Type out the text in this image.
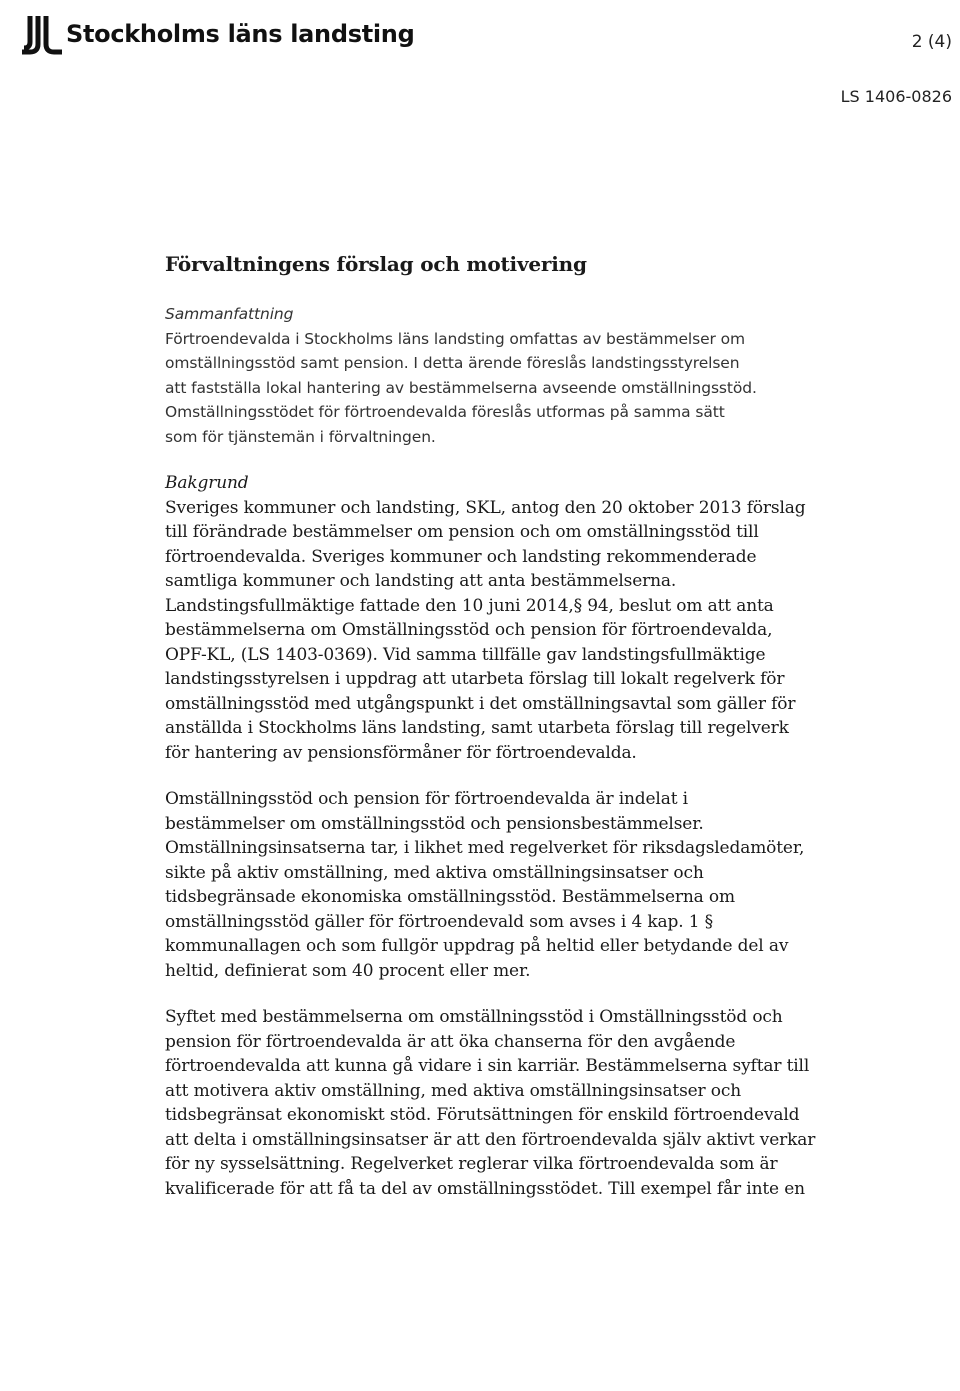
Stockholms läns landsting	2 (4)
LS 1406-0826
Förvaltningens förslag och motivering

Sammanfattning

Förtroendevalda i Stockholms läns landsting omfattas av bestämmelser om

omställningsstöd samt pension. I detta ärende föreslås landstingsstyrelsen

att fastställa lokal hantering av bestämmelserna avseende omställningsstöd.

Omställningsstödet för förtroendevalda föreslås utformas på samma sätt

som för tjänstemän i förvaltningen.

Bakgrund

Sveriges kommuner och landsting, SKL, antog den 20 oktober 2013 förslag

till förändrade bestämmelser om pension och om omställningsstöd till

förtroendevalda. Sveriges kommuner och landsting rekommenderade

samtliga kommuner och landsting att anta bestämmelserna.

Landstingsfullmäktige fattade den 10 juni 2014,§ 94, beslut om att anta

bestämmelserna om Omställningsstöd och pension för förtroendevalda,

OPF-KL, (LS 1403-0369). Vid samma tillfälle gav landstingsfullmäktige

landstingsstyrelsen i uppdrag att utarbeta förslag till lokalt regelverk för

omställningsstöd med utgångspunkt i det omställningsavtal som gäller för

anställda i Stockholms läns landsting, samt utarbeta förslag till regelverk

för hantering av pensionsförmåner för förtroendevalda.

Omställningsstöd och pension för förtroendevalda är indelat i

bestämmelser om omställningsstöd och pensionsbestämmelser.

Omställningsinsatserna tar, i likhet med regelverket för riksdagsledamöter,

sikte på aktiv omställning, med aktiva omställningsinsatser och

tidsbegränsade ekonomiska omställningsstöd. Bestämmelserna om

omställningsstöd gäller för förtroendevald som avses i 4 kap. 1 §

kommunallagen och som fullgör uppdrag på heltid eller betydande del av

heltid, definierat som 40 procent eller mer.

Syftet med bestämmelserna om omställningsstöd i Omställningsstöd och

pension för förtroendevalda är att öka chanserna för den avgående

förtroendevalda att kunna gå vidare i sin karriär. Bestämmelserna syftar till

att motivera aktiv omställning, med aktiva omställningsinsatser och

tidsbegränsat ekonomiskt stöd. Förutsättningen för enskild förtroendevald

att delta i omställningsinsatser är att den förtroendevalda själv aktivt verkar

för ny sysselsättning. Regelverket reglerar vilka förtroendevalda som är

kvalificerade för att få ta del av omställningsstödet. Till exempel får inte en
